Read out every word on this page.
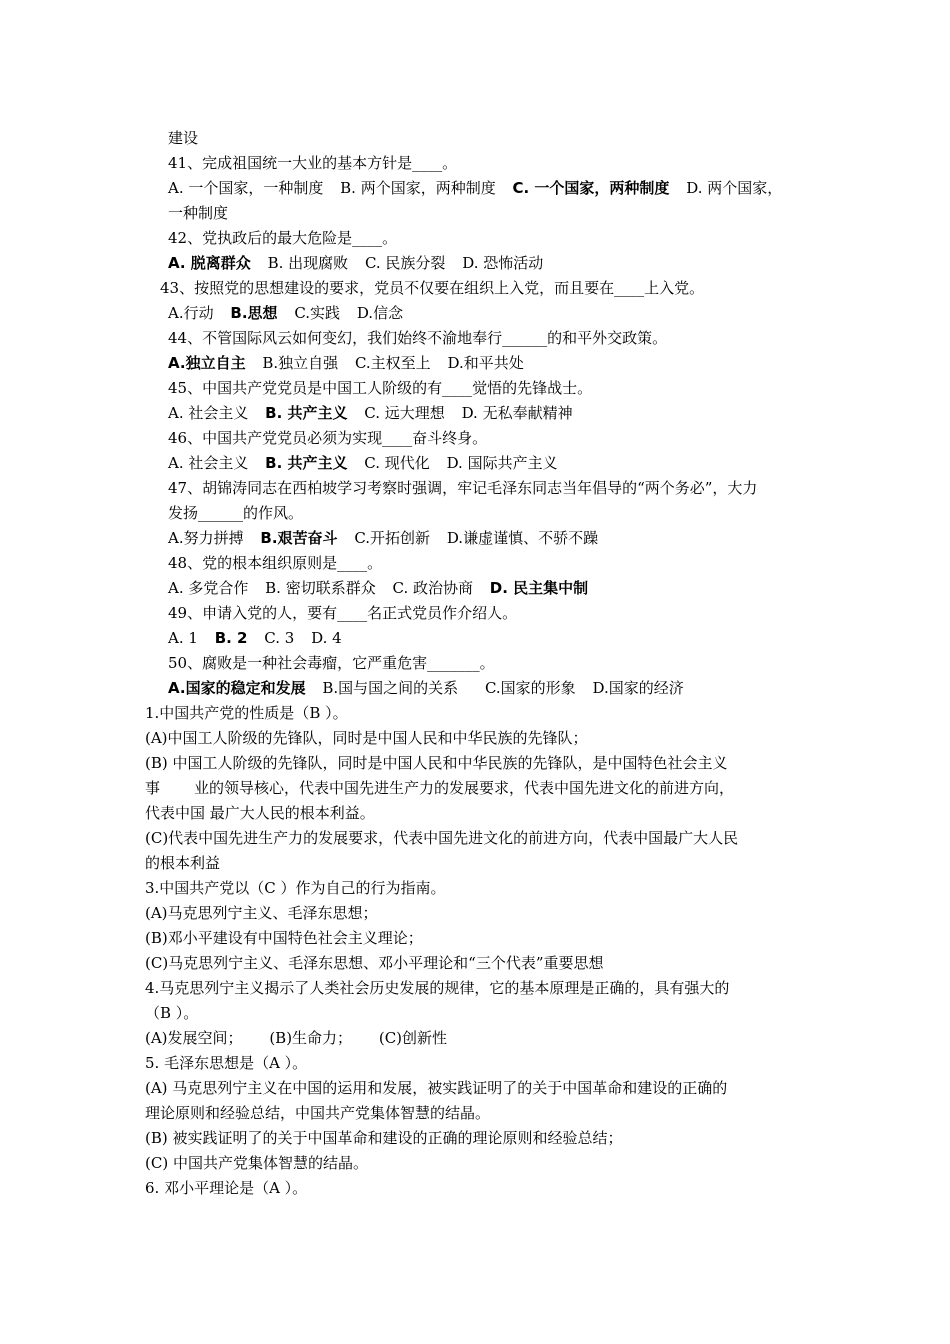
建设
41、完成祖国统一大业的基本方针是____。
A. 一个国家，一种制度 B. 两个国家，两种制度 C. 一个国家，两种制度 D. 两个国家，
一种制度
42、党执政后的最大危险是____。
A. 脱离群众 B. 出现腐败 C. 民族分裂 D. 恐怖活动
43、按照党的思想建设的要求，党员不仅要在组织上入党，而且要在____上入党。
A.行动 B.思想 C.实践 D.信念
44、不管国际风云如何变幻，我们始终不渝地奉行______的和平外交政策。
A.独立自主 B.独立自强 C.主权至上 D.和平共处
45、中国共产党党员是中国工人阶级的有____觉悟的先锋战士。
A. 社会主义 B. 共产主义 C. 远大理想 D. 无私奉献精神
46、中国共产党党员必须为实现____奋斗终身。
A. 社会主义 B. 共产主义 C. 现代化 D. 国际共产主义
47、胡锦涛同志在西柏坡学习考察时强调，牢记毛泽东同志当年倡导的“两个务必”，大力
发扬______的作风。
A.努力拼搏 B.艰苦奋斗 C.开拓创新 D.谦虚谨慎、不骄不躁
48、党的根本组织原则是____。
A. 多党合作 B. 密切联系群众 C. 政治协商 D. 民主集中制
49、申请入党的人，要有____名正式党员作介绍人。
A. 1 B. 2 C. 3 D. 4
50、腐败是一种社会毒瘤，它严重危害_______。
A.国家的稳定和发展 B.国与国之间的关系 C.国家的形象 D.国家的经济
1.中国共产党的性质是（B ）。
(A)中国工人阶级的先锋队，同时是中国人民和中华民族的先锋队；
(B) 中国工人阶级的先锋队，同时是中国人民和中华民族的先锋队，是中国特色社会主义
事 业的领导核心，代表中国先进生产力的发展要求，代表中国先进文化的前进方向，
代表中国 最广大人民的根本利益。
(C)代表中国先进生产力的发展要求，代表中国先进文化的前进方向，代表中国最广大人民
的根本利益
3.中国共产党以（C ）作为自己的行为指南。
(A)马克思列宁主义、毛泽东思想；
(B)邓小平建设有中国特色社会主义理论；
(C)马克思列宁主义、毛泽东思想、邓小平理论和“三个代表”重要思想
4.马克思列宁主义揭示了人类社会历史发展的规律，它的基本原理是正确的，具有强大的
（B ）。
(A)发展空间； (B)生命力； (C)创新性
5. 毛泽东思想是（A ）。
(A) 马克思列宁主义在中国的运用和发展，被实践证明了的关于中国革命和建设的正确的
理论原则和经验总结，中国共产党集体智慧的结晶。
(B) 被实践证明了的关于中国革命和建设的正确的理论原则和经验总结；
(C) 中国共产党集体智慧的结晶。
6. 邓小平理论是（A ）。
